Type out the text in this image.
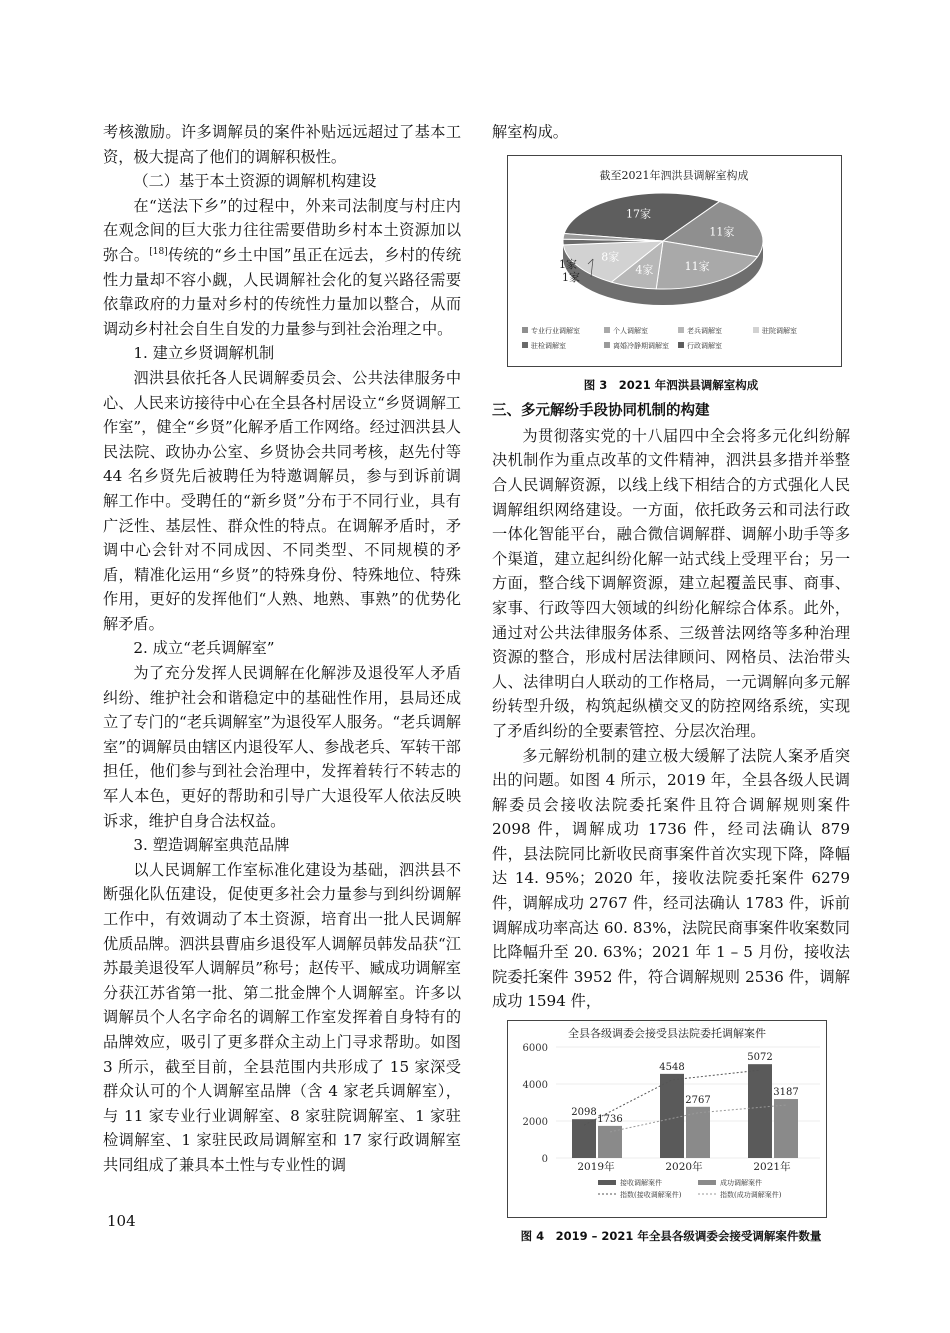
考核激励。许多调解员的案件补贴远远超过了基本工资，极大提高了他们的调解积极性。

（二）基于本土资源的调解机构建设

在“送法下乡”的过程中，外来司法制度与村庄内在观念间的巨大张力往往需要借助乡村本土资源加以弥合。[18]传统的“乡土中国”虽正在远去，乡村的传统性力量却不容小觑，人民调解社会化的复兴路径需要依靠政府的力量对乡村的传统性力量加以整合，从而调动乡村社会自生自发的力量参与到社会治理之中。

1. 建立乡贤调解机制

泗洪县依托各人民调解委员会、公共法律服务中心、人民来访接待中心在全县各村居设立“乡贤调解工作室”，健全“乡贤”化解矛盾工作网络。经过泗洪县人民法院、政协办公室、乡贤协会共同考核，赵先付等 44 名乡贤先后被聘任为特邀调解员，参与到诉前调解工作中。受聘任的“新乡贤”分布于不同行业，具有广泛性、基层性、群众性的特点。在调解矛盾时，矛调中心会针对不同成因、不同类型、不同规模的矛盾，精准化运用“乡贤”的特殊身份、特殊地位、特殊作用，更好的发挥他们“人熟、地熟、事熟”的优势化解矛盾。

2. 成立“老兵调解室”

为了充分发挥人民调解在化解涉及退役军人矛盾纠纷、维护社会和谐稳定中的基础性作用，县局还成立了专门的“老兵调解室”为退役军人服务。“老兵调解室”的调解员由辖区内退役军人、参战老兵、军转干部担任，他们参与到社会治理中，发挥着转行不转志的军人本色，更好的帮助和引导广大退役军人依法反映诉求，维护自身合法权益。

3. 塑造调解室典范品牌

以人民调解工作室标准化建设为基础，泗洪县不断强化队伍建设，促使更多社会力量参与到纠纷调解工作中，有效调动了本土资源，培育出一批人民调解优质品牌。泗洪县曹庙乡退役军人调解员韩发品获“江苏最美退役军人调解员”称号；赵传平、臧成功调解室分获江苏省第一批、第二批金牌个人调解室。许多以调解员个人名字命名的调解工作室发挥着自身特有的品牌效应，吸引了更多群众主动上门寻求帮助。如图 3 所示，截至目前，全县范围内共形成了 15 家深受群众认可的个人调解室品牌（含 4 家老兵调解室），与 11 家专业行业调解室、8 家驻院调解室、1 家驻检调解室、1 家驻民政局调解室和 17 家行政调解室共同组成了兼具本土性与专业性的调

解室构成。

截至2021年泗洪县调解室构成
17家
11家
11家
4家
8家
1家
1家
专业行业调解室	个人调解室	老兵调解室	驻院调解室
驻检调解室	离婚冷静期调解室	行政调解室

图 3　2021 年泗洪县调解室构成

三、多元解纷手段协同机制的构建

为贯彻落实党的十八届四中全会将多元化纠纷解决机制作为重点改革的文件精神，泗洪县多措并举整合人民调解资源，以线上线下相结合的方式强化人民调解组织网络建设。一方面，依托政务云和司法行政一体化智能平台，融合微信调解群、调解小助手等多个渠道，建立起纠纷化解一站式线上受理平台；另一方面，整合线下调解资源，建立起覆盖民事、商事、家事、行政等四大领域的纠纷化解综合体系。此外，通过对公共法律服务体系、三级普法网络等多种治理资源的整合，形成村居法律顾问、网格员、法治带头人、法律明白人联动的工作格局，一元调解向多元解纷转型升级，构筑起纵横交叉的防控网络系统，实现了矛盾纠纷的全要素管控、分层次治理。

多元解纷机制的建立极大缓解了法院人案矛盾突出的问题。如图 4 所示，2019 年，全县各级人民调解委员会接收法院委托案件且符合调解规则案件 2098 件，调解成功 1736 件，经司法确认 879 件，县法院同比新收民商事案件首次实现下降，降幅达 14. 95%；2020 年，接收法院委托案件 6279 件，调解成功 2767 件，经司法确认 1783 件，诉前调解成功率高达 60. 83%，法院民商事案件收案数同比降幅升至 20. 63%；2021 年 1 – 5 月份，接收法院委托案件 3952 件，符合调解规则 2536 件，调解成功 1594 件，

全县各级调委会接受县法院委托调解案件
6000
4000
2000
0
2019年	2020年	2021年
2098
1736
4548
2767
5072
3187
接收调解案件	成功调解案件
指数(接收调解案件)	指数(成功调解案件)

图 4　2019 – 2021 年全县各级调委会接受调解案件数量

104
